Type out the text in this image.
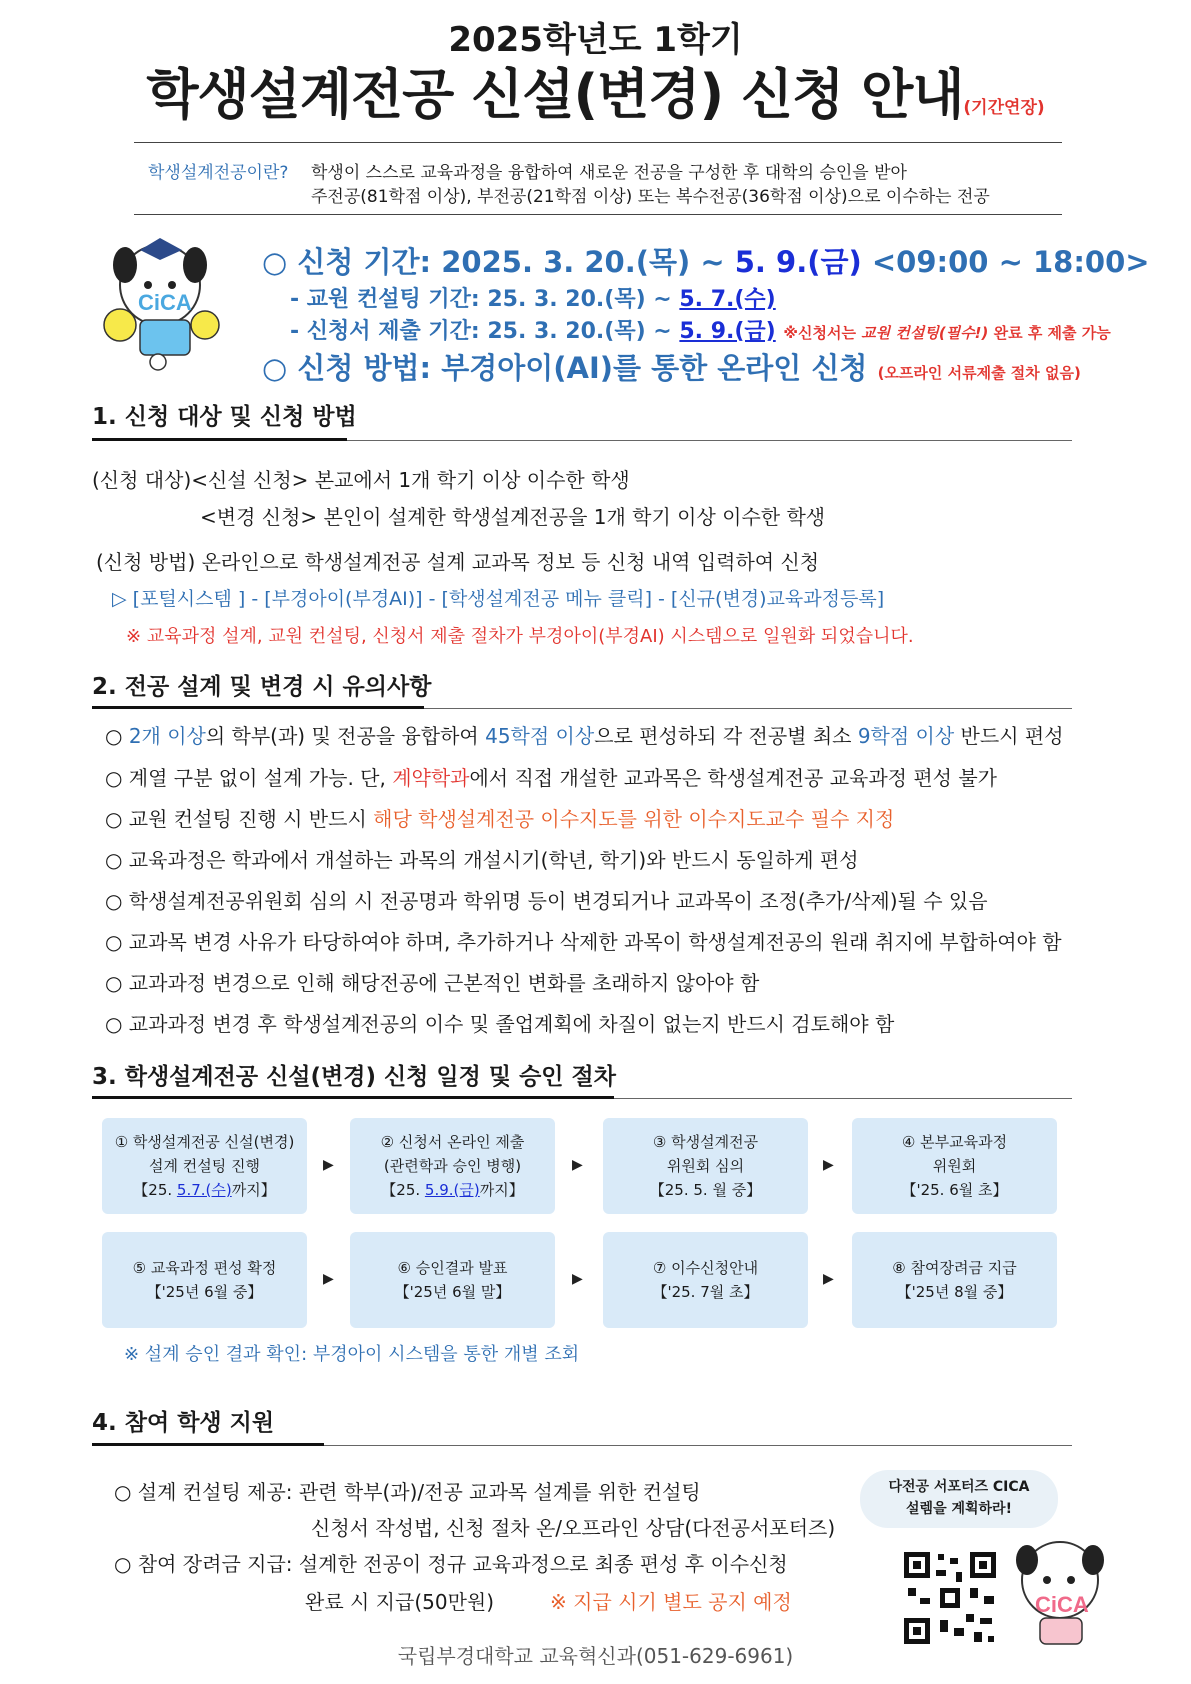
2025학년도 1학기
학생설계전공 신설(변경) 신청 안내(기간연장)
학생설계전공이란? 학생이 스스로 교육과정을 융합하여 새로운 전공을 구성한 후 대학의 승인을 받아
주전공(81학점 이상), 부전공(21학점 이상) 또는 복수전공(36학점 이상)으로 이수하는 전공
CiCA
○ 신청 기간: 2025. 3. 20.(목) ~ 5. 9.(금) <09:00 ~ 18:00>
- 교원 컨설팅 기간: 25. 3. 20.(목) ~ 5. 7.(수)
- 신청서 제출 기간: 25. 3. 20.(목) ~ 5. 9.(금) ※신청서는 교원 컨설팅(필수!) 완료 후 제출 가능
○ 신청 방법: 부경아이(AI)를 통한 온라인 신청 (오프라인 서류제출 절차 없음)
1. 신청 대상 및 신청 방법
(신청 대상)<신설 신청> 본교에서 1개 학기 이상 이수한 학생
<변경 신청> 본인이 설계한 학생설계전공을 1개 학기 이상 이수한 학생
(신청 방법) 온라인으로 학생설계전공 설계 교과목 정보 등 신청 내역 입력하여 신청
▷ [포털시스템 ] - [부경아이(부경AI)] - [학생설계전공 메뉴 클릭] - [신규(변경)교육과정등록]
※ 교육과정 설계, 교원 컨설팅, 신청서 제출 절차가 부경아이(부경AI) 시스템으로 일원화 되었습니다.
2. 전공 설계 및 변경 시 유의사항
○ 2개 이상의 학부(과) 및 전공을 융합하여 45학점 이상으로 편성하되 각 전공별 최소 9학점 이상 반드시 편성
○ 계열 구분 없이 설계 가능. 단, 계약학과에서 직접 개설한 교과목은 학생설계전공 교육과정 편성 불가
○ 교원 컨설팅 진행 시 반드시 해당 학생설계전공 이수지도를 위한 이수지도교수 필수 지정
○ 교육과정은 학과에서 개설하는 과목의 개설시기(학년, 학기)와 반드시 동일하게 편성
○ 학생설계전공위원회 심의 시 전공명과 학위명 등이 변경되거나 교과목이 조정(추가/삭제)될 수 있음
○ 교과목 변경 사유가 타당하여야 하며, 추가하거나 삭제한 과목이 학생설계전공의 원래 취지에 부합하여야 함
○ 교과과정 변경으로 인해 해당전공에 근본적인 변화를 초래하지 않아야 함
○ 교과과정 변경 후 학생설계전공의 이수 및 졸업계획에 차질이 없는지 반드시 검토해야 함
3. 학생설계전공 신설(변경) 신청 일정 및 승인 절차
① 학생설계전공 신설(변경)
설계 컨설팅 진행
【25. 5.7.(수)까지】
▶
② 신청서 온라인 제출
(관련학과 승인 병행)
【25. 5.9.(금)까지】
▶
③ 학생설계전공
위원회 심의
【25. 5. 월 중】
▶
④ 본부교육과정
위원회
【'25. 6월 초】
⑤ 교육과정 편성 확정
【'25년 6월 중】
▶
⑥ 승인결과 발표
【'25년 6월 말】
▶
⑦ 이수신청안내
【'25. 7월 초】
▶
⑧ 참여장려금 지급
【'25년 8월 중】
※ 설계 승인 결과 확인: 부경아이 시스템을 통한 개별 조회
4. 참여 학생 지원
○ 설계 컨설팅 제공: 관련 학부(과)/전공 교과목 설계를 위한 컨설팅
신청서 작성법, 신청 절차 온/오프라인 상담(다전공서포터즈)
○ 참여 장려금 지급: 설계한 전공이 정규 교육과정으로 최종 편성 후 이수신청
완료 시 지급(50만원)	※ 지급 시기 별도 공지 예정
다전공 서포터즈 CICA
설렘을 계획하라!
CiCA
국립부경대학교 교육혁신과(051-629-6961)
